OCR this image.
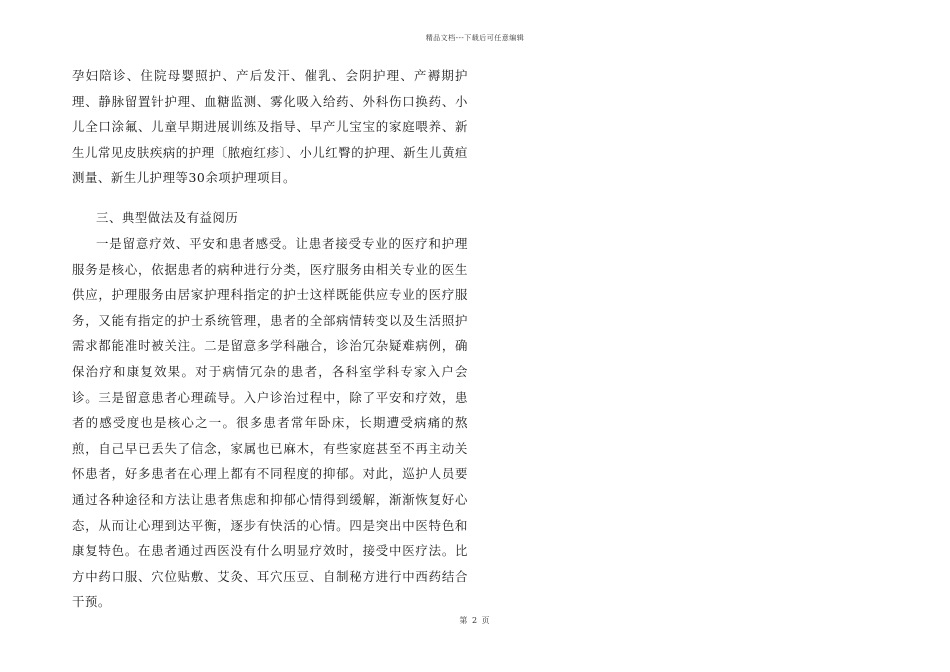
精品文档---下载后可任意编辑

孕妇陪诊、住院母婴照护、产后发汗、催乳、会阴护理、产褥期护理、静脉留置针护理、血糖监测、雾化吸入给药、外科伤口换药、小儿全口涂氟、儿童早期进展训练及指导、早产儿宝宝的家庭喂养、新生儿常见皮肤疾病的护理〔脓疱红疹〕、小儿红臀的护理、新生儿黄疸测量、新生儿护理等30余项护理项目。

三、典型做法及有益阅历

一是留意疗效、平安和患者感受。让患者接受专业的医疗和护理服务是核心，依据患者的病种进行分类，医疗服务由相关专业的医生供应，护理服务由居家护理科指定的护士这样既能供应专业的医疗服务，又能有指定的护士系统管理，患者的全部病情转变以及生活照护需求都能准时被关注。二是留意多学科融合，诊治冗杂疑难病例，确保治疗和康复效果。对于病情冗杂的患者，各科室学科专家入户会诊。三是留意患者心理疏导。入户诊治过程中，除了平安和疗效，患者的感受度也是核心之一。很多患者常年卧床，长期遭受病痛的熬煎，自己早已丢失了信念，家属也已麻木，有些家庭甚至不再主动关怀患者，好多患者在心理上都有不同程度的抑郁。对此，巡护人员要通过各种途径和方法让患者焦虑和抑郁心情得到缓解，渐渐恢复好心态，从而让心理到达平衡，逐步有快活的心情。四是突出中医特色和康复特色。在患者通过西医没有什么明显疗效时，接受中医疗法。比方中药口服、穴位贴敷、艾灸、耳穴压豆、自制秘方进行中西药结合干预。

第 2 页
